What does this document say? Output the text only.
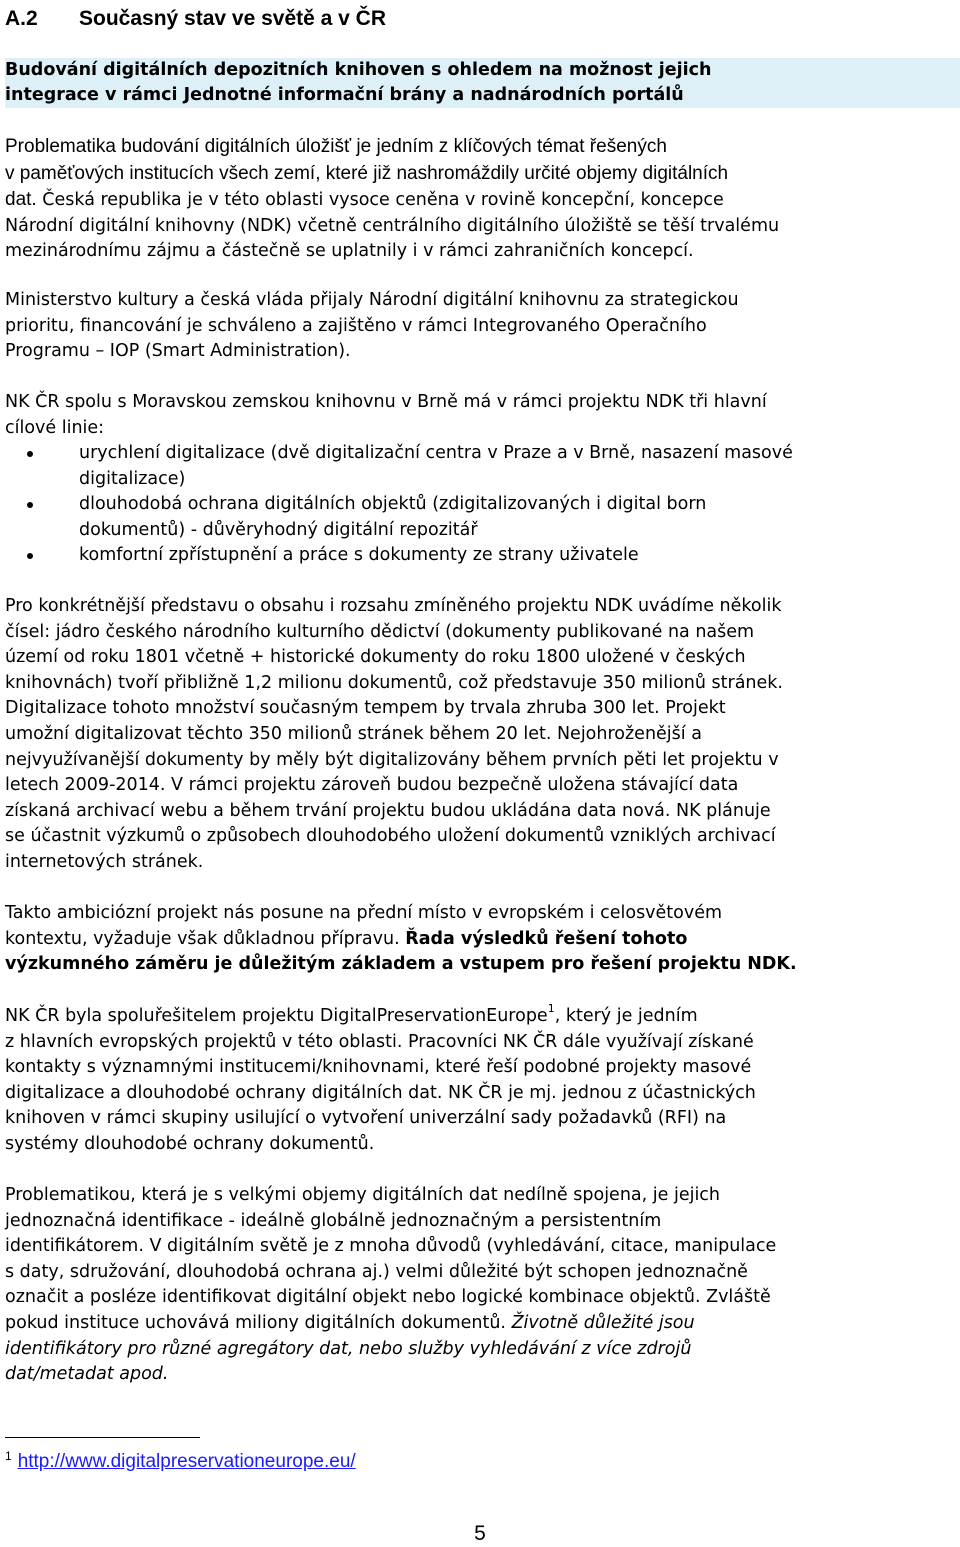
A.2 Současný stav ve světě a v ČR
Budování digitálních depozitních knihoven s ohledem na možnost jejich
integrace v rámci Jednotné informační brány a nadnárodních portálů
Problematika budování digitálních úložišť je jedním z klíčových témat řešených
v paměťových institucích všech zemí, které již nashromáždily určité objemy digitálních
dat. Česká republika je v této oblasti vysoce ceněna v rovině koncepční, koncepce
Národní digitální knihovny (NDK) včetně centrálního digitálního úložiště se těší trvalému
mezinárodnímu zájmu a částečně se uplatnily i v rámci zahraničních koncepcí.
Ministerstvo kultury a česká vláda přijaly Národní digitální knihovnu za strategickou
prioritu, financování je schváleno a zajištěno v rámci Integrovaného Operačního
Programu – IOP (Smart Administration).
NK ČR spolu s Moravskou zemskou knihovnu v Brně má v rámci projektu NDK tři hlavní
cílové linie:
urychlení digitalizace (dvě digitalizační centra v Praze a v Brně, nasazení masové
digitalizace)
dlouhodobá ochrana digitálních objektů (zdigitalizovaných i digital born
dokumentů) - důvěryhodný digitální repozitář
komfortní zpřístupnění a práce s dokumenty ze strany uživatele
Pro konkrétnější představu o obsahu i rozsahu zmíněného projektu NDK uvádíme několik
čísel: jádro českého národního kulturního dědictví (dokumenty publikované na našem
území od roku 1801 včetně + historické dokumenty do roku 1800 uložené v českých
knihovnách) tvoří přibližně 1,2 milionu dokumentů, což představuje 350 milionů stránek.
Digitalizace tohoto množství současným tempem by trvala zhruba 300 let. Projekt
umožní digitalizovat těchto 350 milionů stránek během 20 let. Nejohroženější a
nejvyužívanější dokumenty by měly být digitalizovány během prvních pěti let projektu v
letech 2009-2014. V rámci projektu zároveň budou bezpečně uložena stávající data
získaná archivací webu a během trvání projektu budou ukládána data nová. NK plánuje
se účastnit výzkumů o způsobech dlouhodobého uložení dokumentů vzniklých archivací
internetových stránek.
Takto ambiciózní projekt nás posune na přední místo v evropském i celosvětovém
kontextu, vyžaduje však důkladnou přípravu. Řada výsledků řešení tohoto
výzkumného záměru je důležitým základem a vstupem pro řešení projektu NDK.
NK ČR byla spoluřešitelem projektu DigitalPreservationEurope$^1$, který je jedním
z hlavních evropských projektů v této oblasti. Pracovníci NK ČR dále využívají získané
kontakty s významnými institucemi/knihovnami, které řeší podobné projekty masové
digitalizace a dlouhodobé ochrany digitálních dat. NK ČR je mj. jednou z účastnických
knihoven v rámci skupiny usilující o vytvoření univerzální sady požadavků (RFI) na
systémy dlouhodobé ochrany dokumentů.
Problematikou, která je s velkými objemy digitálních dat nedílně spojena, je jejich
jednoznačná identifikace - ideálně globálně jednoznačným a persistentním
identifikátorem. V digitálním světě je z mnoha důvodů (vyhledávání, citace, manipulace
s daty, sdružování, dlouhodobá ochrana aj.) velmi důležité být schopen jednoznačně
označit a posléze identifikovat digitální objekt nebo logické kombinace objektů. Zvláště
pokud instituce uchovává miliony digitálních dokumentů. Životně důležité jsou
identifikátory pro různé agregátory dat, nebo služby vyhledávání z více zdrojů
dat/metadat apod.
$^1$ http://www.digitalpreservationeurope.eu/
5
